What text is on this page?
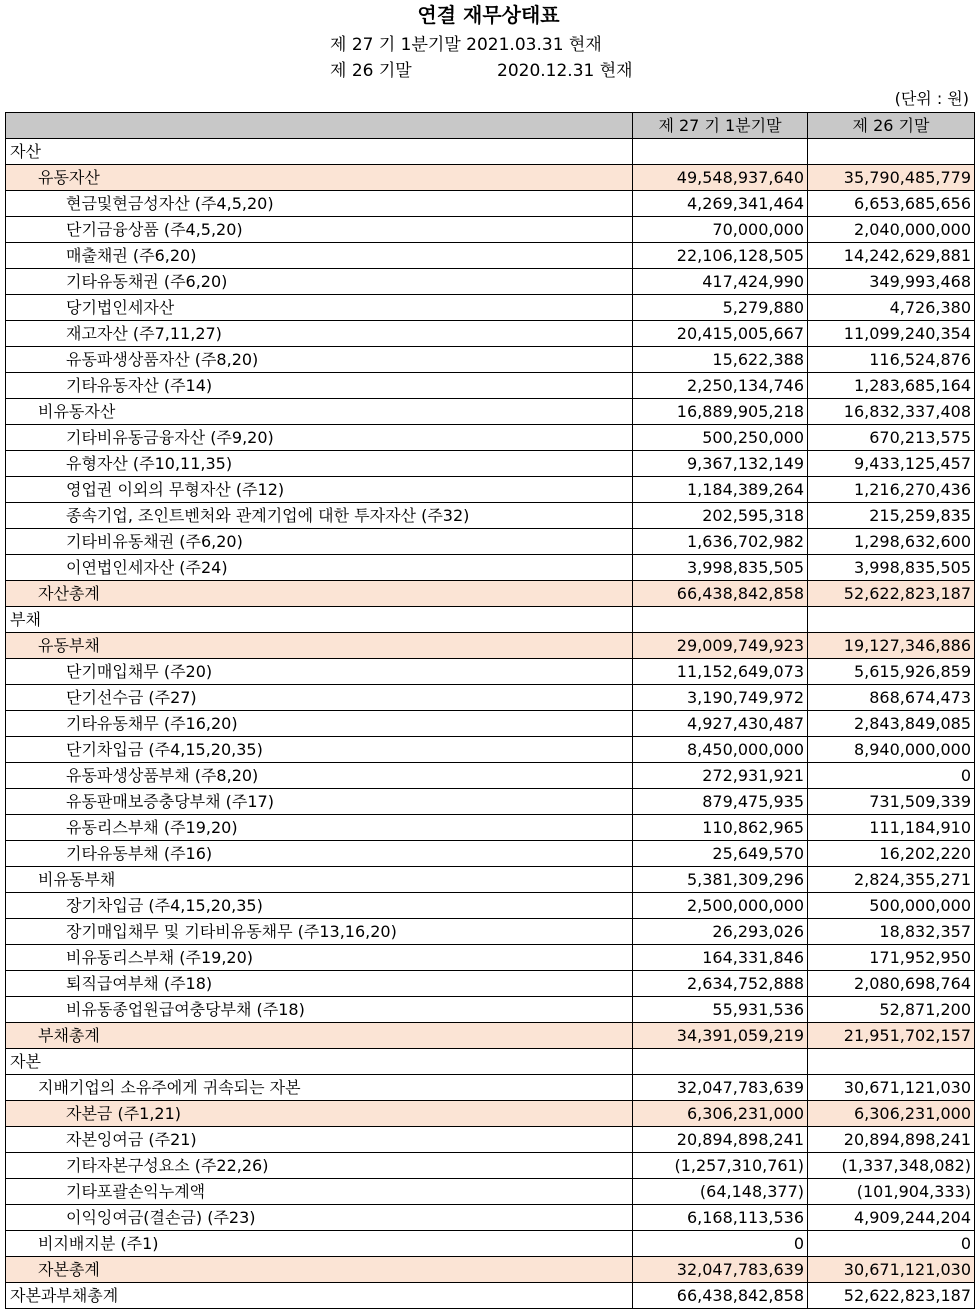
연결 재무상태표
제 27 기 1분기말 2021.03.31 현재
제 26 기말	2020.12.31 현재
(단위 : 원)
	제 27 기 1분기말	제 26 기말
자산		
유동자산	49,548,937,640	35,790,485,779
현금및현금성자산 (주4,5,20)	4,269,341,464	6,653,685,656
단기금융상품 (주4,5,20)	70,000,000	2,040,000,000
매출채권 (주6,20)	22,106,128,505	14,242,629,881
기타유동채권 (주6,20)	417,424,990	349,993,468
당기법인세자산	5,279,880	4,726,380
재고자산 (주7,11,27)	20,415,005,667	11,099,240,354
유동파생상품자산 (주8,20)	15,622,388	116,524,876
기타유동자산 (주14)	2,250,134,746	1,283,685,164
비유동자산	16,889,905,218	16,832,337,408
기타비유동금융자산 (주9,20)	500,250,000	670,213,575
유형자산 (주10,11,35)	9,367,132,149	9,433,125,457
영업권 이외의 무형자산 (주12)	1,184,389,264	1,216,270,436
종속기업, 조인트벤처와 관계기업에 대한 투자자산 (주32)	202,595,318	215,259,835
기타비유동채권 (주6,20)	1,636,702,982	1,298,632,600
이연법인세자산 (주24)	3,998,835,505	3,998,835,505
자산총계	66,438,842,858	52,622,823,187
부채		
유동부채	29,009,749,923	19,127,346,886
단기매입채무 (주20)	11,152,649,073	5,615,926,859
단기선수금 (주27)	3,190,749,972	868,674,473
기타유동채무 (주16,20)	4,927,430,487	2,843,849,085
단기차입금 (주4,15,20,35)	8,450,000,000	8,940,000,000
유동파생상품부채 (주8,20)	272,931,921	0
유동판매보증충당부채 (주17)	879,475,935	731,509,339
유동리스부채 (주19,20)	110,862,965	111,184,910
기타유동부채 (주16)	25,649,570	16,202,220
비유동부채	5,381,309,296	2,824,355,271
장기차입금 (주4,15,20,35)	2,500,000,000	500,000,000
장기매입채무 및 기타비유동채무 (주13,16,20)	26,293,026	18,832,357
비유동리스부채 (주19,20)	164,331,846	171,952,950
퇴직급여부채 (주18)	2,634,752,888	2,080,698,764
비유동종업원급여충당부채 (주18)	55,931,536	52,871,200
부채총계	34,391,059,219	21,951,702,157
자본		
지배기업의 소유주에게 귀속되는 자본	32,047,783,639	30,671,121,030
자본금 (주1,21)	6,306,231,000	6,306,231,000
자본잉여금 (주21)	20,894,898,241	20,894,898,241
기타자본구성요소 (주22,26)	(1,257,310,761)	(1,337,348,082)
기타포괄손익누계액	(64,148,377)	(101,904,333)
이익잉여금(결손금) (주23)	6,168,113,536	4,909,244,204
비지배지분 (주1)	0	0
자본총계	32,047,783,639	30,671,121,030
자본과부채총계	66,438,842,858	52,622,823,187
